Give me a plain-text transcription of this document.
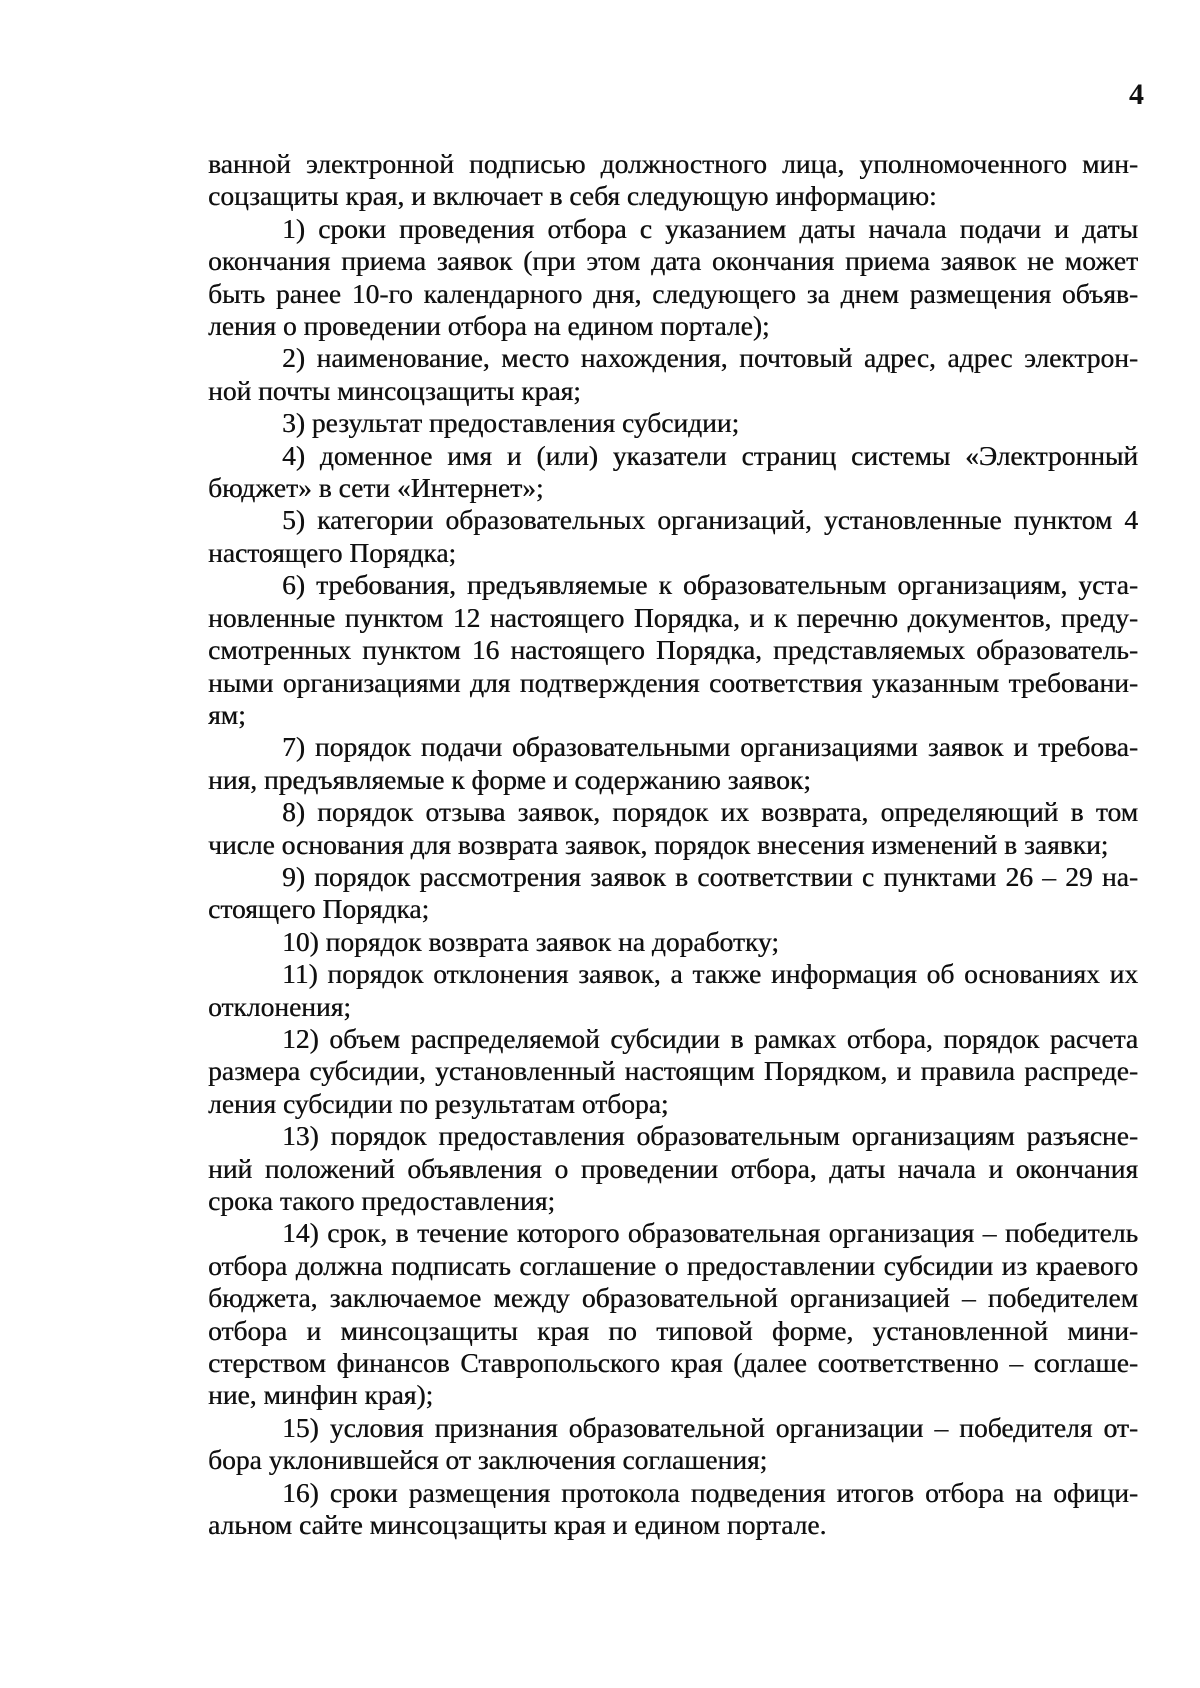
4

ванной электронной подписью должностного лица, уполномоченного минсоцзащиты края, и включает в себя следующую информацию:

1) сроки проведения отбора с указанием даты начала подачи и даты окончания приема заявок (при этом дата окончания приема заявок не может быть ранее 10-го календарного дня, следующего за днем размещения объявления о проведении отбора на едином портале);

2) наименование, место нахождения, почтовый адрес, адрес электронной почты минсоцзащиты края;

3) результат предоставления субсидии;

4) доменное имя и (или) указатели страниц системы «Электронный бюджет» в сети «Интернет»;

5) категории образовательных организаций, установленные пунктом 4 настоящего Порядка;

6) требования, предъявляемые к образовательным организациям, установленные пунктом 12 настоящего Порядка, и к перечню документов, предусмотренных пунктом 16 настоящего Порядка, представляемых образовательными организациями для подтверждения соответствия указанным требованиям;

7) порядок подачи образовательными организациями заявок и требования, предъявляемые к форме и содержанию заявок;

8) порядок отзыва заявок, порядок их возврата, определяющий в том числе основания для возврата заявок, порядок внесения изменений в заявки;

9) порядок рассмотрения заявок в соответствии с пунктами 26 – 29 настоящего Порядка;

10) порядок возврата заявок на доработку;

11) порядок отклонения заявок, а также информация об основаниях их отклонения;

12) объем распределяемой субсидии в рамках отбора, порядок расчета размера субсидии, установленный настоящим Порядком, и правила распределения субсидии по результатам отбора;

13) порядок предоставления образовательным организациям разъяснений положений объявления о проведении отбора, даты начала и окончания срока такого предоставления;

14) срок, в течение которого образовательная организация – победитель отбора должна подписать соглашение о предоставлении субсидии из краевого бюджета, заключаемое между образовательной организацией – победителем отбора и минсоцзащиты края по типовой форме, установленной министерством финансов Ставропольского края (далее соответственно – соглашение, минфин края);

15) условия признания образовательной организации – победителя отбора уклонившейся от заключения соглашения;

16) сроки размещения протокола подведения итогов отбора на официальном сайте минсоцзащиты края и едином портале.
